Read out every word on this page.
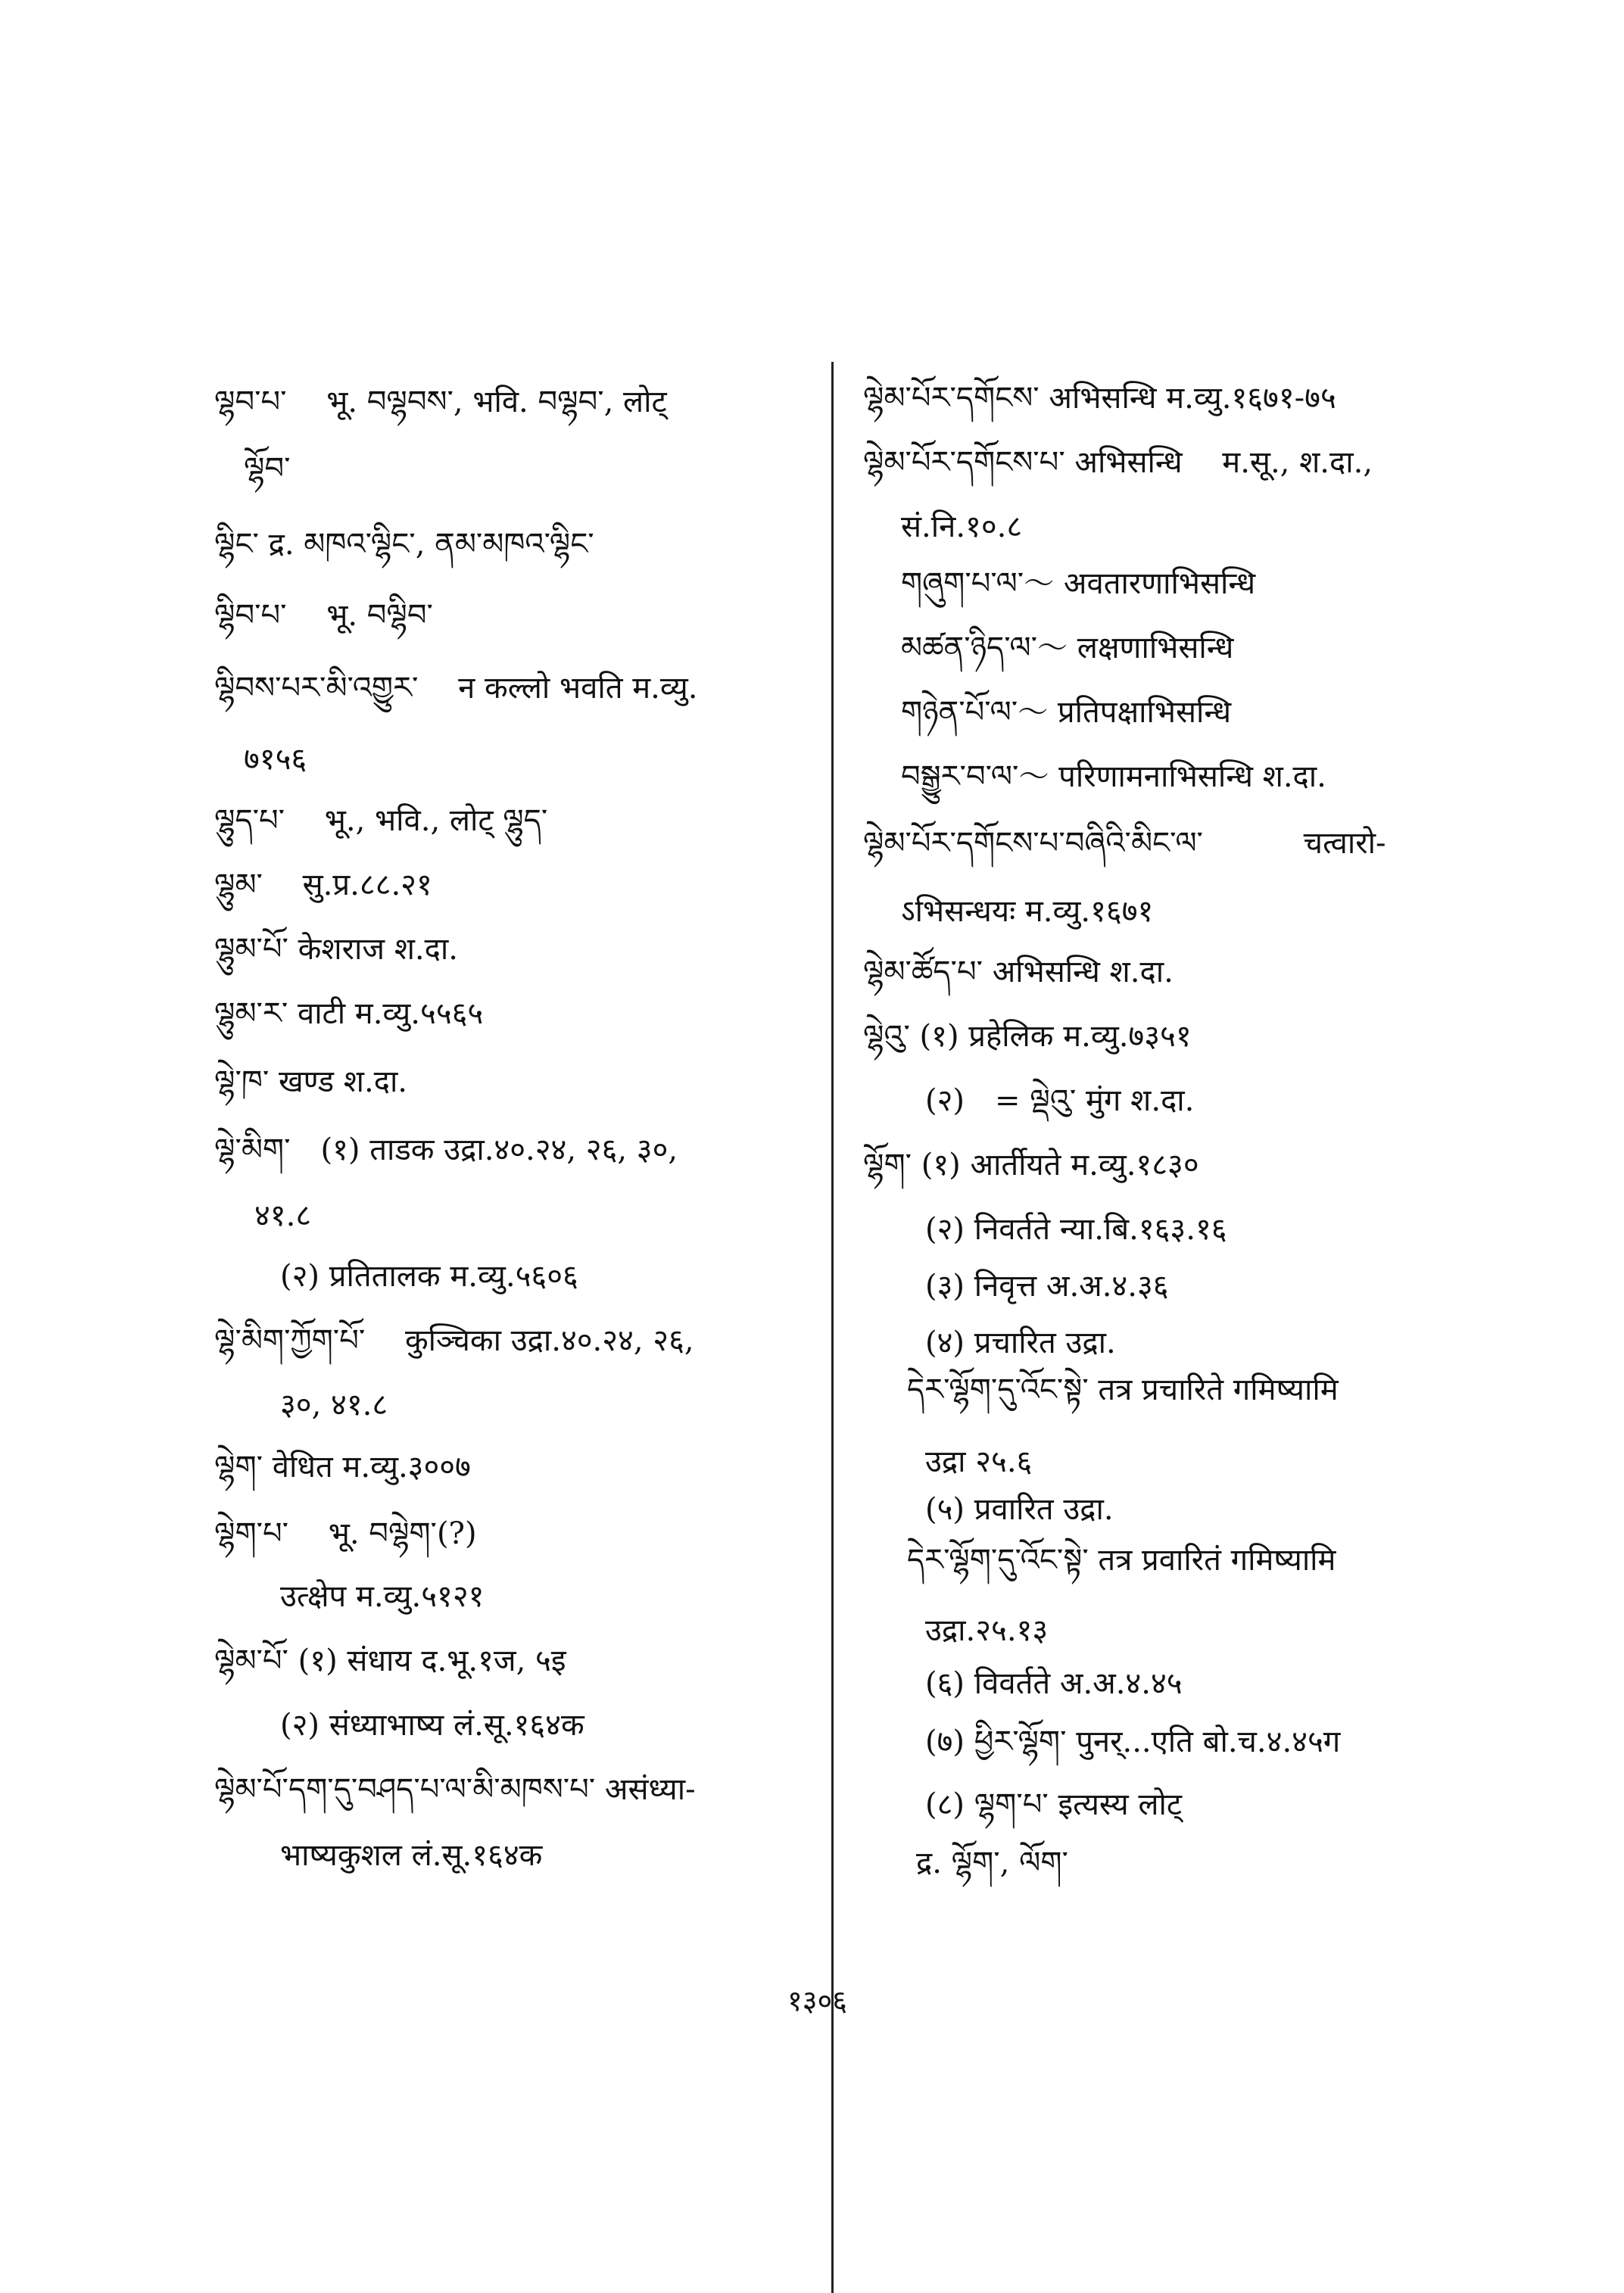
ལྷབ་པ་　 भू. བལྷབས་, भवि. བལྷབ་, लोट्
ལྷོབ་
ལྷིང་ द्र. མཁའ་ལྷིང་, ནམ་མཁའ་ལྷིང་
ལྷིབ་པ་　 भू. བལྷིབ་
ལྷིབས་པར་མི་འགྱུར་　 न कल्लो भवति म.व्यु.
७१५६
ལྷུད་པ་　 भू., भवि., लोट् ལྷུད་
ལྷུམ་　 सु.प्र.८८.२१
ལྷུམ་པོ་ केशराज श.दा.
ལྷུམ་ར་ वाटी म.व्यु.५५६५
ལྷེ་ཁ་ खण्ड श.दा.
ལྷེ་མིག་　(१) ताडक उद्रा.४०.२४, २६, ३०,
४१.८
(२) प्रतितालक म.व्यु.५६०६
ལྷེ་མིག་ཀྱོག་པོ་　 कुञ्चिका उद्रा.४०.२४, २६,
३०, ४१.८
ལྷེག་ वेधित म.व्यु.३००७
ལྷེག་པ་　 भू. བལྷེག་(?)
उत्क्षेप म.व्यु.५१२१
ལྷེམ་པོ་ (१) संधाय द.भू.१ज, ५इ
(२) संध्याभाष्य लं.सू.१६४क
ལྷེམ་པོ་དག་དུ་བཤད་པ་ལ་མི་མཁས་པ་ असंध्या-
भाष्यकुशल लं.सू.१६४क
ལྷེམ་པོར་དགོངས་ अभिसन्धि म.व्यु.१६७१-७५
ལྷེམ་པོར་དགོངས་པ་ अभिसन्धि　 म.सू., श.दा.,
सं.नि.१०.८
གཞུག་པ་ལ་～ अवतारणाभिसन्धि
མཚན་ཉིད་ལ་～ लक्षणाभिसन्धि
གཉེན་པོ་ལ་～ प्रतिपक्षाभिसन्धि
བསྒྱུར་བ་ལ་～ परिणामनाभिसन्धि श.दा.
ལྷེམ་པོར་དགོངས་པ་བཞིའི་མིང་ལ་　　　 चत्वारो-
ऽभिसन्धयः म.व्यु.१६७१
ལྷེམ་ཚོད་པ་ अभिसन्धि श.दा.
ལྷེའུ་ (१) प्रहेलिक म.व्यु.७३५१
(२)　= ལྡེའུ་ मुंग श.दा.
ལྷོག་ (१) आर्तीयते म.व्यु.१८३०
(२) निवर्तते न्या.बि.१६३.१६
(३) निवृत्त अ.अ.४.३६
(४) प्रचारित उद्रा.
དེར་ལྷོག་དུ་འོང་སྟེ་ तत्र प्रचारिते गमिष्यामि
उद्रा २५.६
(५) प्रवारित उद्रा.
དེར་ལྷོག་དུ་འོང་སྟེ་ तत्र प्रवारितं गमिष्यामि
उद्रा.२५.१३
(६) विवर्तते अ.अ.४.४५
(७) ཕྱིར་ལྷོག་ पुनर्...एति बो.च.४.४५ग
(८) ལྷག་པ་ इत्यस्य लोट्
द्र. ལྷོག་, ལོག་
१३०६
